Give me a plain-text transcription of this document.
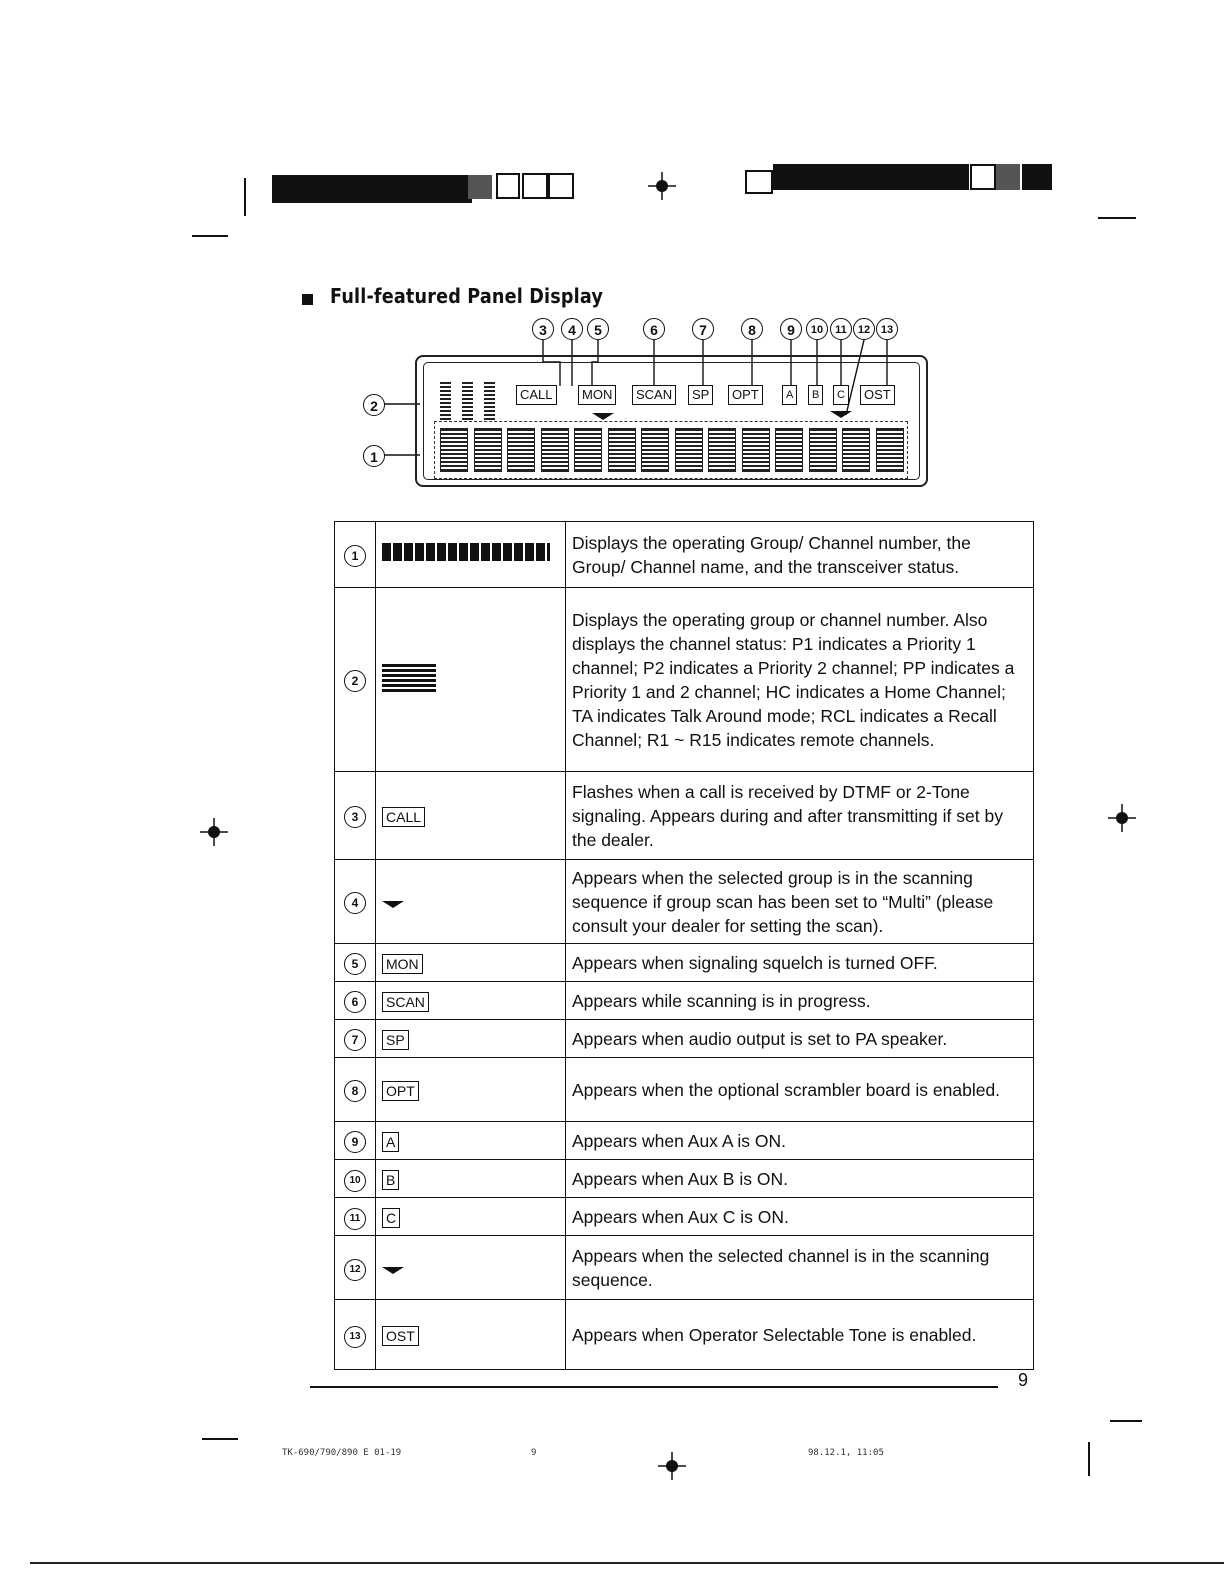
Full-featured Panel Display
3	4	5	6	7	8	9	10	11	12 13
2
1
CALL	MON	SCAN	SP	OPT	A	B	C	OST
1		Displays the operating Group/ Channel number, the Group/ Channel name, and the transceiver status.
2		Displays the operating group or channel number. Also displays the channel status: P1 indicates a Priority 1 channel; P2 indicates a Priority 2 channel; PP indicates a Priority 1 and 2 channel; HC indicates a Home Channel; TA indicates Talk Around mode; RCL indicates a Recall Channel; R1 ~ R15 indicates remote channels.
3	CALL	Flashes when a call is received by DTMF or 2-Tone signaling. Appears during and after transmitting if set by the dealer.
4		Appears when the selected group is in the scanning sequence if group scan has been set to “Multi” (please consult your dealer for setting the scan).
5	MON	Appears when signaling squelch is turned OFF.
6	SCAN	Appears while scanning is in progress.
7	SP	Appears when audio output is set to PA speaker.
8	OPT	Appears when the optional scrambler board is enabled.
9	A	Appears when Aux A is ON.
10	B	Appears when Aux B is ON.
11	C	Appears when Aux C is ON.
12		Appears when the selected channel is in the scanning sequence.
13	OST	Appears when Operator Selectable Tone is enabled.
9
TK-690/790/890 E 01-19	9	98.12.1, 11:05
